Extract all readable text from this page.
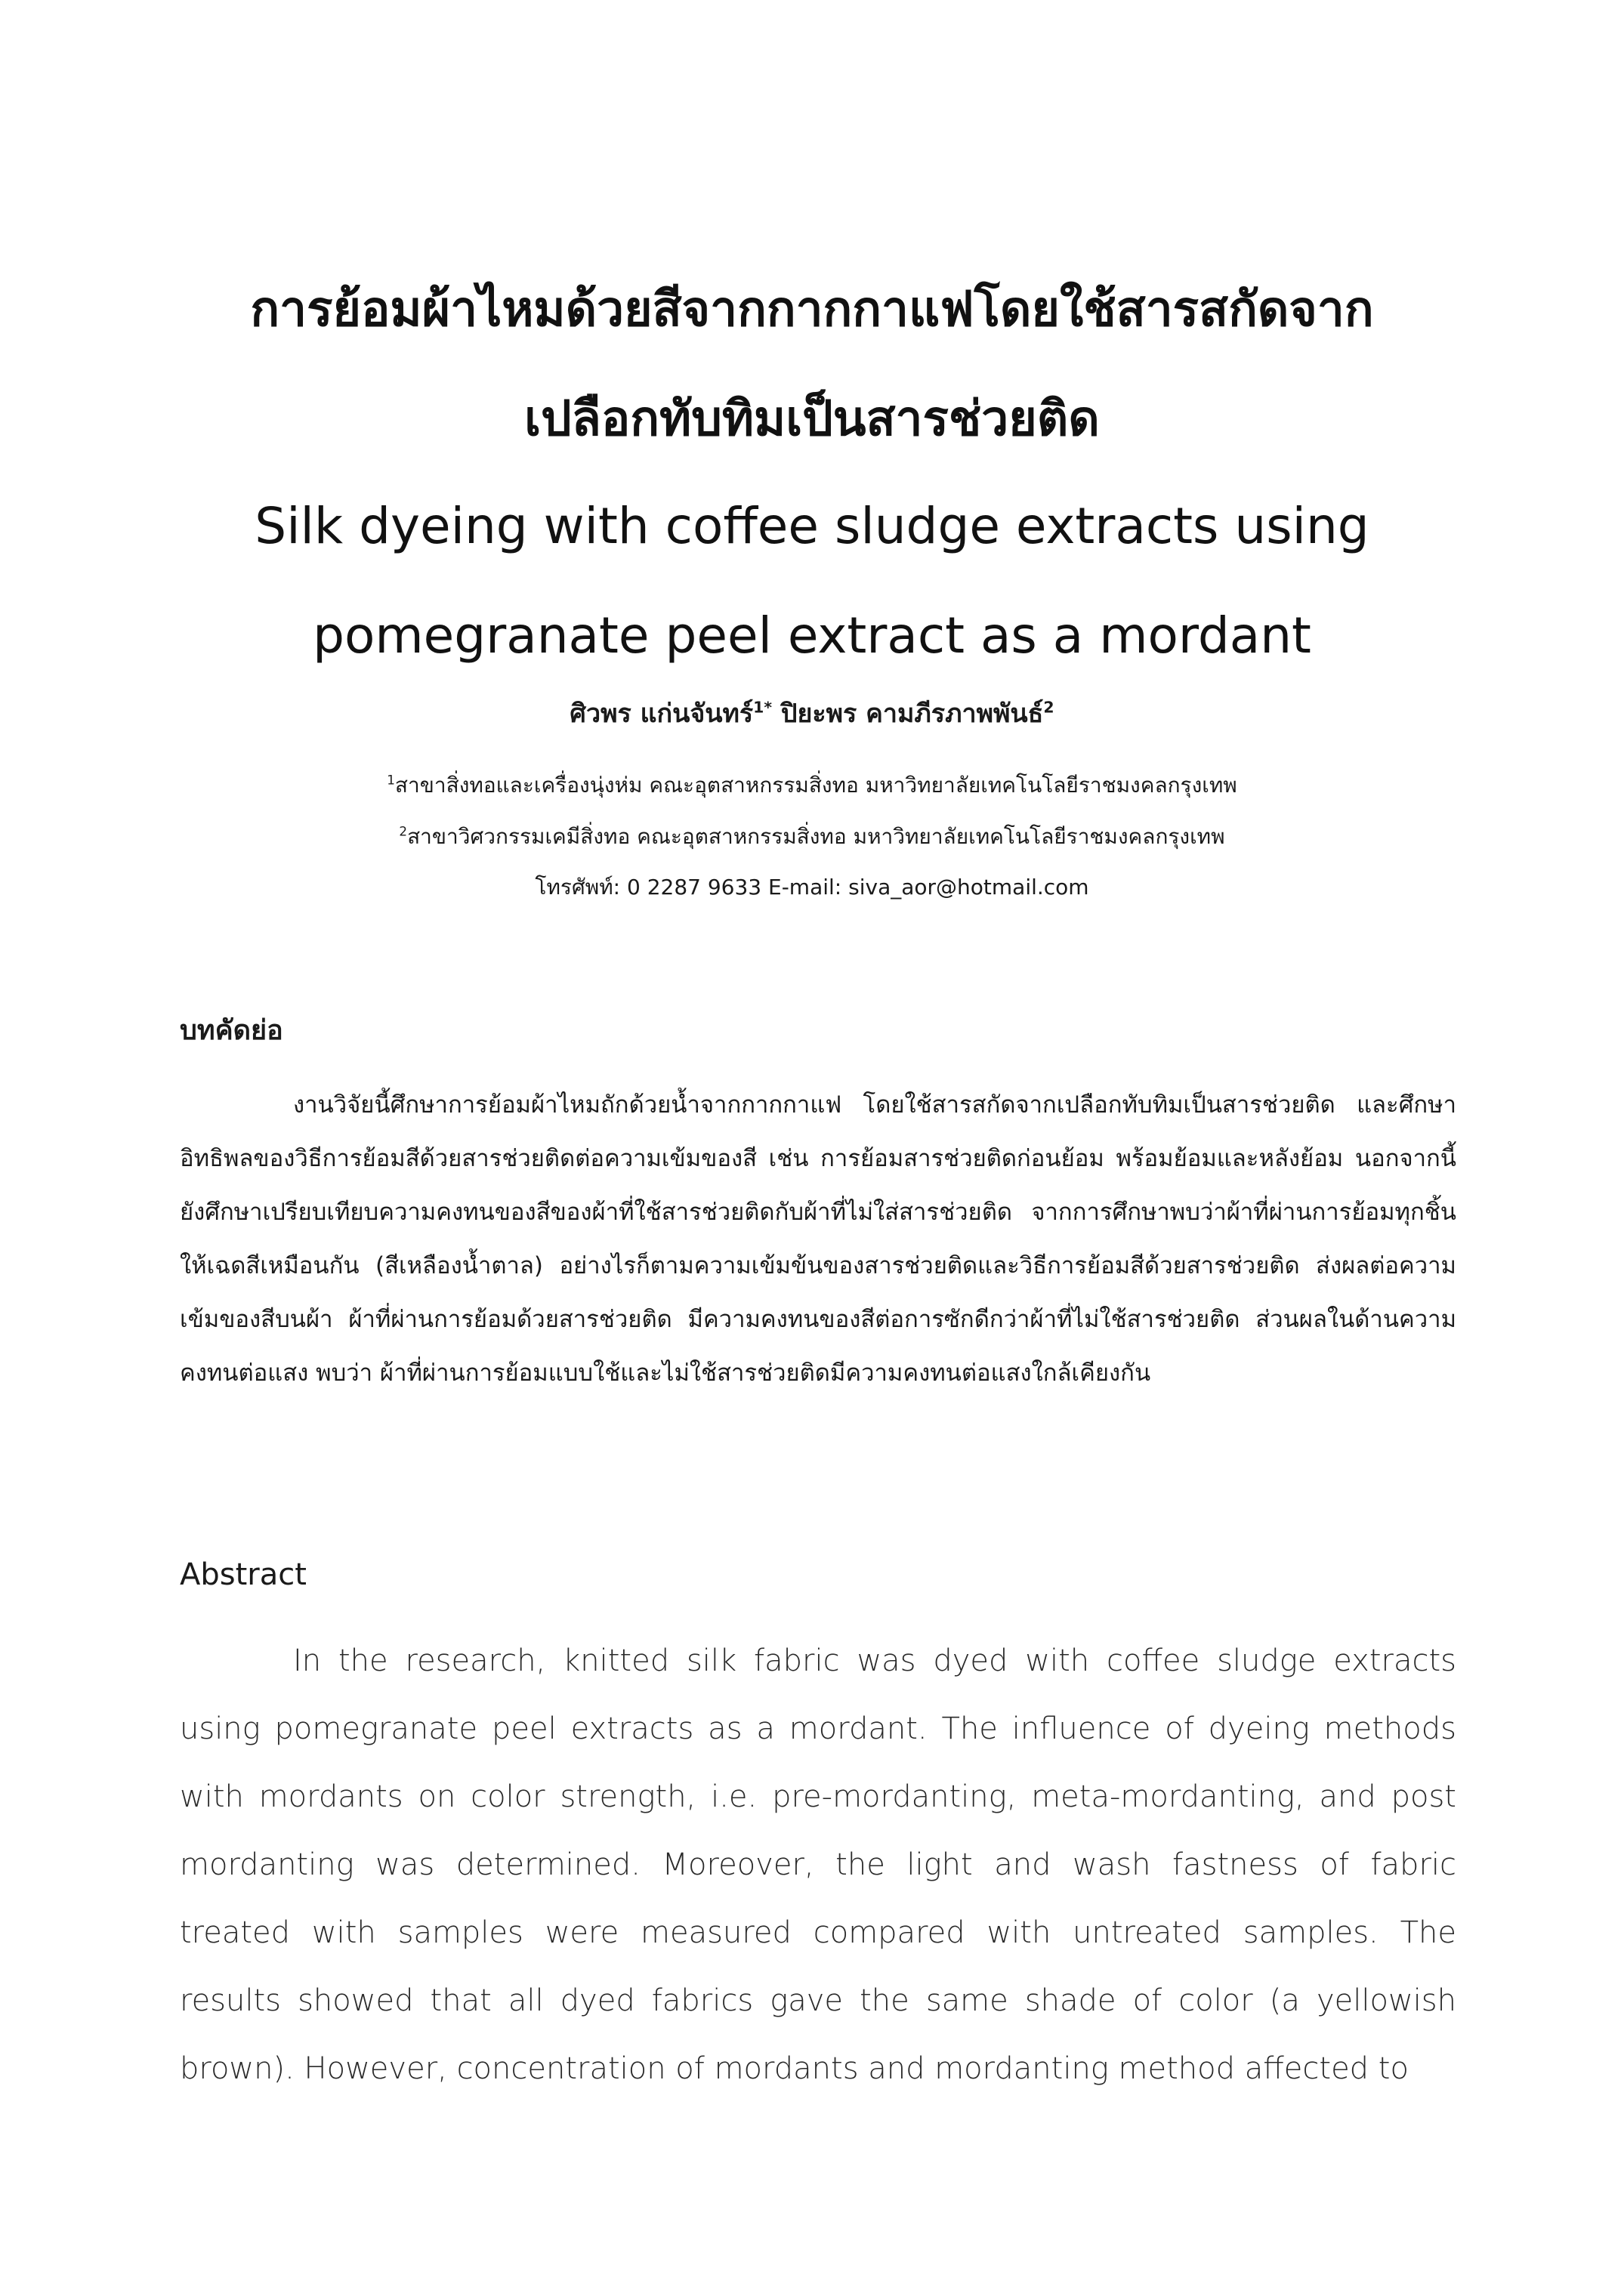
การย้อมผ้าไหมด้วยสีจากกากกาแฟโดยใช้สารสกัดจาก
เปลือกทับทิมเป็นสารช่วยติด
Silk dyeing with coffee sludge extracts using
pomegranate peel extract as a mordant
ศิวพร แก่นจันทร์$^{1*}$ ปิยะพร คามภีรภาพพันธ์$^2$
$^1$สาขาสิ่งทอและเครื่องนุ่งห่ม คณะอุตสาหกรรมสิ่งทอ มหาวิทยาลัยเทคโนโลยีราชมงคลกรุงเทพ
$^2$สาขาวิศวกรรมเคมีสิ่งทอ คณะอุตสาหกรรมสิ่งทอ มหาวิทยาลัยเทคโนโลยีราชมงคลกรุงเทพ
โทรศัพท์: 0 2287 9633 E-mail: siva_aor@hotmail.com
บทคัดย่อ
งานวิจัยนี้ศึกษาการย้อมผ้าไหมถักด้วยน้ำจากกากกาแฟ โดยใช้สารสกัดจากเปลือกทับทิมเป็นสารช่วยติด และศึกษาอิทธิพลของวิธีการย้อมสีด้วยสารช่วยติดต่อความเข้มของสี เช่น การย้อมสารช่วยติดก่อนย้อม พร้อมย้อมและหลังย้อม นอกจากนี้ยังศึกษาเปรียบเทียบความคงทนของสีของผ้าที่ใช้สารช่วยติดกับผ้าที่ไม่ใส่สารช่วยติด จากการศึกษาพบว่าผ้าที่ผ่านการย้อมทุกชิ้นให้เฉดสีเหมือนกัน (สีเหลืองน้ำตาล) อย่างไรก็ตามความเข้มข้นของสารช่วยติดและวิธีการย้อมสีด้วยสารช่วยติด ส่งผลต่อความเข้มของสีบนผ้า ผ้าที่ผ่านการย้อมด้วยสารช่วยติด มีความคงทนของสีต่อการซักดีกว่าผ้าที่ไม่ใช้สารช่วยติด ส่วนผลในด้านความคงทนต่อแสง พบว่า ผ้าที่ผ่านการย้อมแบบใช้และไม่ใช้สารช่วยติดมีความคงทนต่อแสงใกล้เคียงกัน
Abstract
In the research, knitted silk fabric was dyed with coffee sludge extracts using pomegranate peel extracts as a mordant. The influence of dyeing methods with mordants on color strength, i.e. pre-mordanting, meta-mordanting, and post mordanting was determined. Moreover, the light and wash fastness of fabric treated with samples were measured compared with untreated samples. The results showed that all dyed fabrics gave the same shade of color (a yellowish brown). However, concentration of mordants and mordanting method affected to
